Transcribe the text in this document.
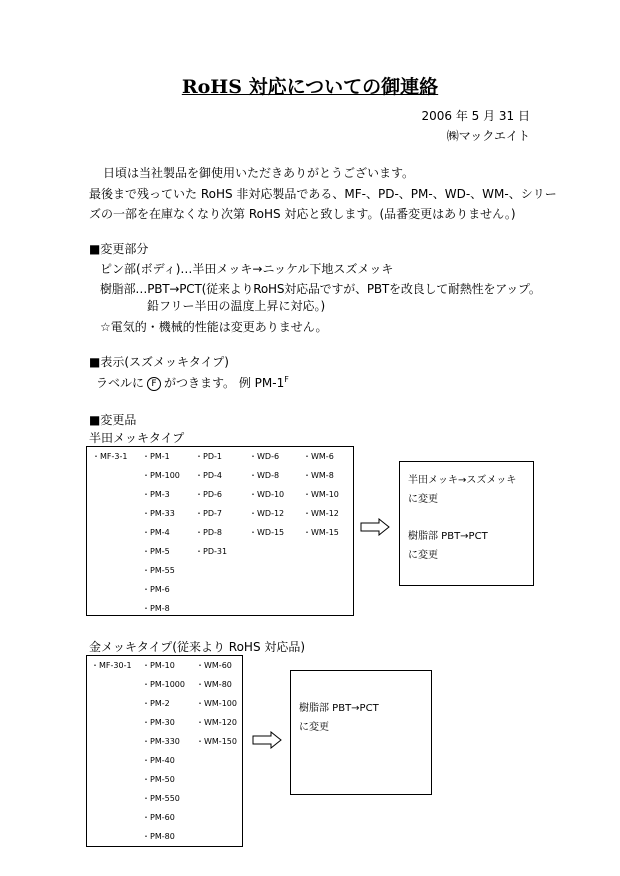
RoHS 対応についての御連絡
2006 年 5 月 31 日
㈱マックエイト
日頃は当社製品を御使用いただきありがとうございます。
最後まで残っていた RoHS 非対応製品である、MF-、PD-、PM-、WD-、WM-、シリー
ズの一部を在庫なくなり次第 RoHS 対応と致します。(品番変更はありません。)
■変更部分
ピン部(ボディ)…半田メッキ→ニッケル下地スズメッキ
樹脂部…PBT→PCT(従来よりRoHS対応品ですが、PBTを改良して耐熱性をアップ。
鉛フリー半田の温度上昇に対応。)
☆電気的・機械的性能は変更ありません。
■表示(スズメッキタイプ)
ラベルに F がつきます。 例 $PM-1^F$
■変更品
半田メッキタイプ
・MF-3-1 ・PM-1
・PM-100
・PM-3
・PM-33
・PM-4
・PM-5
・PM-55
・PM-6
・PM-8
・PD-1
・PD-4
・PD-6
・PD-7
・PD-8
・PD-31
・WD-6
・WD-8
・WD-10
・WD-12
・WD-15
・WM-6
・WM-8
・WM-10
・WM-12
・WM-15
半田メッキ→スズメッキ
に変更
樹脂部 PBT→PCT
に変更
金メッキタイプ(従来より RoHS 対応品)
・MF-30-1 ・PM-10
・PM-1000
・PM-2
・PM-30
・PM-330
・PM-40
・PM-50
・PM-550
・PM-60
・PM-80
・WM-60
・WM-80
・WM-100
・WM-120
・WM-150
樹脂部 PBT→PCT
に変更
